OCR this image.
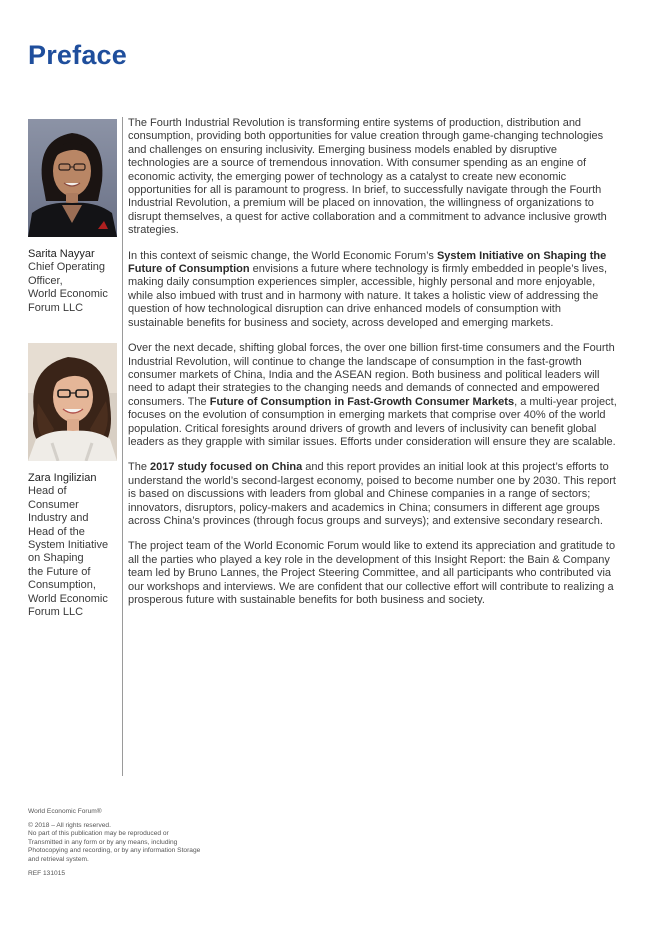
Preface
Sarita Nayyar
Chief Operating
Officer,
World Economic
Forum LLC
Zara Ingilizian
Head of
Consumer
Industry and
Head of the
System Initiative
on Shaping
the Future of
Consumption,
World Economic
Forum LLC

The Fourth Industrial Revolution is transforming entire systems of production, distribution and consumption, providing both opportunities for value creation through game-changing technologies and challenges on ensuring inclusivity. Emerging business models enabled by disruptive technologies are a source of tremendous innovation. With consumer spending as an engine of economic activity, the emerging power of technology as a catalyst to create new economic opportunities for all is paramount to progress. In brief, to successfully navigate through the Fourth Industrial Revolution, a premium will be placed on innovation, the willingness of organizations to disrupt themselves, a quest for active collaboration and a commitment to advance inclusive growth strategies.

In this context of seismic change, the World Economic Forum’s System Initiative on Shaping the Future of Consumption envisions a future where technology is firmly embedded in people’s lives, making daily consumption experiences simpler, accessible, highly personal and more enjoyable, while also imbued with trust and in harmony with nature. It takes a holistic view of addressing the question of how technological disruption can drive enhanced models of consumption with sustainable benefits for business and society, across developed and emerging markets.

Over the next decade, shifting global forces, the over one billion first-time consumers and the Fourth Industrial Revolution, will continue to change the landscape of consumption in the fast-growth consumer markets of China, India and the ASEAN region. Both business and political leaders will need to adapt their strategies to the changing needs and demands of connected and empowered consumers. The Future of Consumption in Fast-Growth Consumer Markets, a multi-year project, focuses on the evolution of consumption in emerging markets that comprise over 40% of the world population. Critical foresights around drivers of growth and levers of inclusivity can benefit global leaders as they grapple with similar issues. Efforts under consideration will ensure they are scalable.

The 2017 study focused on China and this report provides an initial look at this project’s efforts to understand the world’s second-largest economy, poised to become number one by 2030. This report is based on discussions with leaders from global and Chinese companies in a range of sectors; innovators, disruptors, policy-makers and academics in China; consumers in different age groups across China’s provinces (through focus groups and surveys); and extensive secondary research.

The project team of the World Economic Forum would like to extend its appreciation and gratitude to all the parties who played a key role in the development of this Insight Report: the Bain & Company team led by Bruno Lannes, the Project Steering Committee, and all participants who contributed via our workshops and interviews. We are confident that our collective effort will contribute to realizing a prosperous future with sustainable benefits for both business and society.

World Economic Forum®

© 2018 – All rights reserved.
No part of this publication may be reproduced or
Transmitted in any form or by any means, including
Photocopying and recording, or by any information Storage
and retrieval system.

REF 131015
